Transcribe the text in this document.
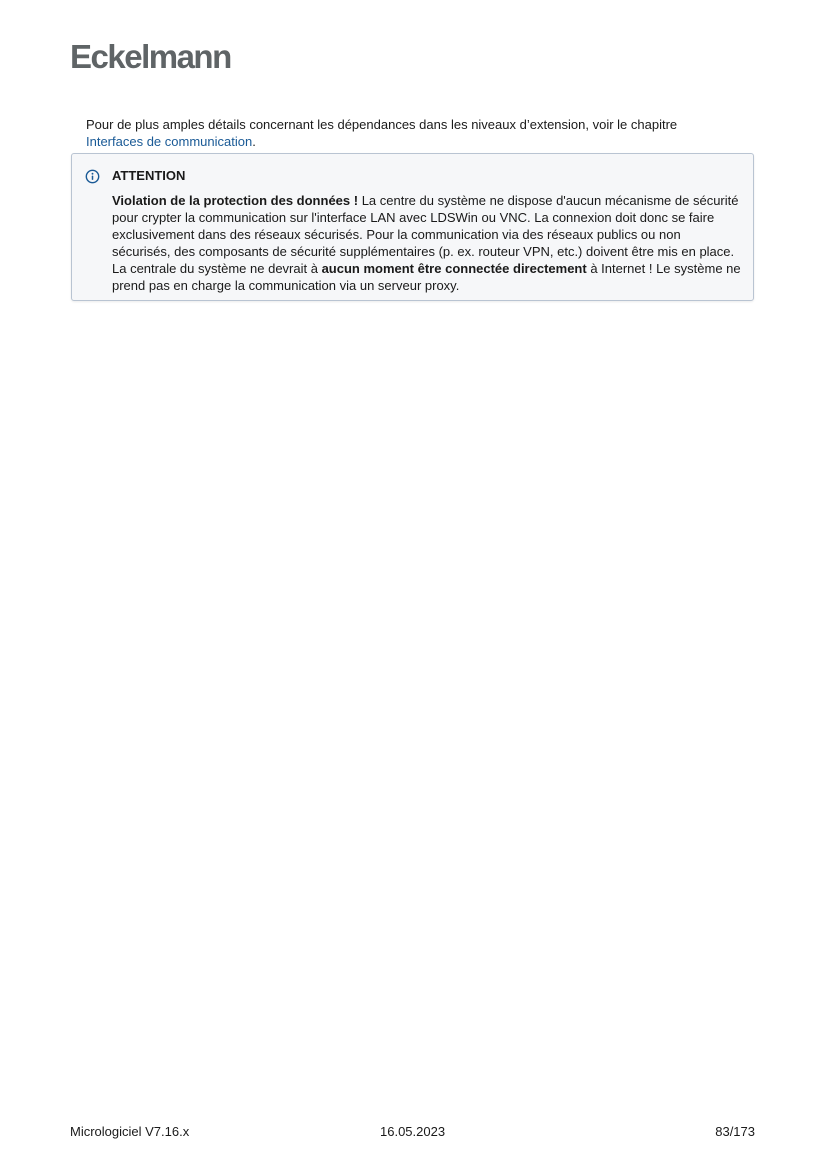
Eckelmann
Pour de plus amples détails concernant les dépendances dans les niveaux d’extension, voir le chapitre
Interfaces de communication.
ATTENTION
Violation de la protection des données ! La centre du système ne dispose d'aucun mécanisme de sécurité pour crypter la communication sur l'interface LAN avec LDSWin ou VNC. La connexion doit donc se faire exclusivement dans des réseaux sécurisés. Pour la communication via des réseaux publics ou non sécurisés, des composants de sécurité supplémentaires (p. ex. routeur VPN, etc.) doivent être mis en place. La centrale du système ne devrait à aucun moment être connectée directement à Internet ! Le système ne prend pas en charge la communication via un serveur proxy.
Micrologiciel V7.16.x	16.05.2023	83/173
